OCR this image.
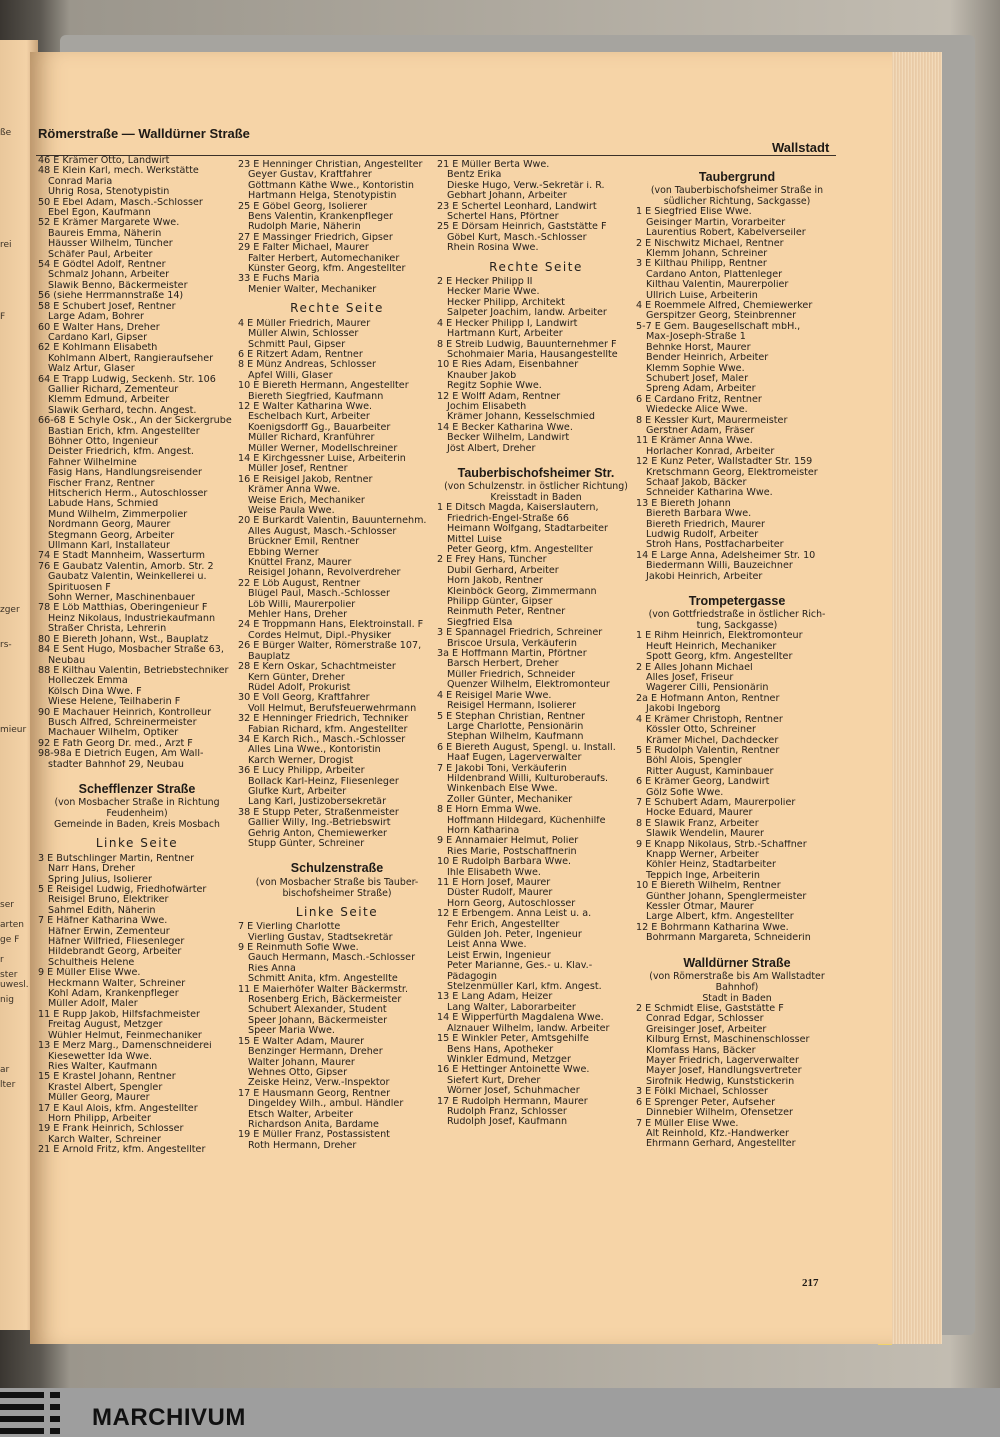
ße
rei
F
zger
rs-
mieur
ser
arten
ge F
r
ster
uwesl.
nig
ar
lter
Römerstraße — Walldürner Straße
Wallstadt
46 E Krämer Otto, Landwirt
48 E Klein Karl, mech. Werkstätte
Conrad Maria
Uhrig Rosa, Stenotypistin
50 E Ebel Adam, Masch.-Schlosser
Ebel Egon, Kaufmann
52 E Krämer Margarete Wwe.
Baureis Emma, Näherin
Häusser Wilhelm, Tüncher
Schäfer Paul, Arbeiter
54 E Gödtel Adolf, Rentner
Schmalz Johann, Arbeiter
Slawik Benno, Bäckermeister
56 (siehe Herrmannstraße 14)
58 E Schubert Josef, Rentner
Large Adam, Bohrer
60 E Walter Hans, Dreher
Cardano Karl, Gipser
62 E Kohlmann Elisabeth
Kohlmann Albert, Rangieraufseher
Walz Artur, Glaser
64 E Trapp Ludwig, Seckenh. Str. 106
Gallier Richard, Zementeur
Klemm Edmund, Arbeiter
Slawik Gerhard, techn. Angest.
66-68 E Schyle Osk., An der Sickergrube
Bastian Erich, kfm. Angestellter
Böhner Otto, Ingenieur
Deister Friedrich, kfm. Angest.
Fahner Wilhelmine
Fasig Hans, Handlungsreisender
Fischer Franz, Rentner
Hitscherich Herm., Autoschlosser
Labude Hans, Schmied
Mund Wilhelm, Zimmerpolier
Nordmann Georg, Maurer
Stegmann Georg, Arbeiter
Ullmann Karl, Installateur
74 E Stadt Mannheim, Wasserturm
76 E Gaubatz Valentin, Amorb. Str. 2
Gaubatz Valentin, Weinkellerei u.
Spirituosen F
Sohn Werner, Maschinenbauer
78 E Löb Matthias, Oberingenieur F
Heinz Nikolaus, Industriekaufmann
Straßer Christa, Lehrerin
80 E Biereth Johann, Wst., Bauplatz
84 E Sent Hugo, Mosbacher Straße 63,
Neubau
88 E Kilthau Valentin, Betriebstechniker
Holleczek Emma
Kölsch Dina Wwe. F
Wiese Helene, Teilhaberin F
90 E Machauer Heinrich, Kontrolleur
Busch Alfred, Schreinermeister
Machauer Wilhelm, Optiker
92 E Fath Georg Dr. med., Arzt F
98-98a E Dietrich Eugen, Am Wall-
stadter Bahnhof 29, Neubau
Schefflenzer Straße
(von Mosbacher Straße in Richtung
Feudenheim)
Gemeinde in Baden, Kreis Mosbach
Linke Seite
3 E Butschlinger Martin, Rentner
Narr Hans, Dreher
Spring Julius, Isolierer
5 E Reisigel Ludwig, Friedhofwärter
Reisigel Bruno, Elektriker
Sahmel Edith, Näherin
7 E Häfner Katharina Wwe.
Häfner Erwin, Zementeur
Häfner Wilfried, Fliesenleger
Hildebrandt Georg, Arbeiter
Schultheis Helene
9 E Müller Elise Wwe.
Heckmann Walter, Schreiner
Kohl Adam, Krankenpfleger
Müller Adolf, Maler
11 E Rupp Jakob, Hilfsfachmeister
Freitag August, Metzger
Wühler Helmut, Feinmechaniker
13 E Merz Marg., Damenschneiderei
Kiesewetter Ida Wwe.
Ries Walter, Kaufmann
15 E Krastel Johann, Rentner
Krastel Albert, Spengler
Müller Georg, Maurer
17 E Kaul Alois, kfm. Angestellter
Horn Philipp, Arbeiter
19 E Frank Heinrich, Schlosser
Karch Walter, Schreiner
21 E Arnold Fritz, kfm. Angestellter
23 E Henninger Christian, Angestellter
Geyer Gustav, Kraftfahrer
Göttmann Käthe Wwe., Kontoristin
Hartmann Helga, Stenotypistin
25 E Göbel Georg, Isolierer
Bens Valentin, Krankenpfleger
Rudolph Marie, Näherin
27 E Massinger Friedrich, Gipser
29 E Falter Michael, Maurer
Falter Herbert, Automechaniker
Künster Georg, kfm. Angestellter
33 E Fuchs Maria
Menier Walter, Mechaniker
Rechte Seite
4 E Müller Friedrich, Maurer
Müller Alwin, Schlosser
Schmitt Paul, Gipser
6 E Ritzert Adam, Rentner
8 E Münz Andreas, Schlosser
Apfel Willi, Glaser
10 E Biereth Hermann, Angestellter
Biereth Siegfried, Kaufmann
12 E Walter Katharina Wwe.
Eschelbach Kurt, Arbeiter
Koenigsdorff Gg., Bauarbeiter
Müller Richard, Kranführer
Müller Werner, Modellschreiner
14 E Kirchgessner Luise, Arbeiterin
Müller Josef, Rentner
16 E Reisigel Jakob, Rentner
Krämer Anna Wwe.
Weise Erich, Mechaniker
Weise Paula Wwe.
20 E Burkardt Valentin, Bauunternehm.
Alles August, Masch.-Schlosser
Brückner Emil, Rentner
Ebbing Werner
Knüttel Franz, Maurer
Reisigel Johann, Revolverdreher
22 E Löb August, Rentner
Blügel Paul, Masch.-Schlosser
Löb Willi, Maurerpolier
Mehler Hans, Dreher
24 E Troppmann Hans, Elektroinstall. F
Cordes Helmut, Dipl.-Physiker
26 E Bürger Walter, Römerstraße 107,
Bauplatz
28 E Kern Oskar, Schachtmeister
Kern Günter, Dreher
Rüdel Adolf, Prokurist
30 E Voll Georg, Kraftfahrer
Voll Helmut, Berufsfeuerwehrmann
32 E Henninger Friedrich, Techniker
Fabian Richard, kfm. Angestellter
34 E Karch Rich., Masch.-Schlosser
Alles Lina Wwe., Kontoristin
Karch Werner, Drogist
36 E Lucy Philipp, Arbeiter
Bollack Karl-Heinz, Fliesenleger
Glufke Kurt, Arbeiter
Lang Karl, Justizobersekretär
38 E Stupp Peter, Straßenmeister
Gallier Willy, Ing.-Betriebswirt
Gehrig Anton, Chemiewerker
Stupp Günter, Schreiner
Schulzenstraße
(von Mosbacher Straße bis Tauber-
bischofsheimer Straße)
Linke Seite
7 E Vierling Charlotte
Vierling Gustav, Stadtsekretär
9 E Reinmuth Sofie Wwe.
Gauch Hermann, Masch.-Schlosser
Ries Anna
Schmitt Anita, kfm. Angestellte
11 E Maierhöfer Walter Bäckermstr.
Rosenberg Erich, Bäckermeister
Schubert Alexander, Student
Speer Johann, Bäckermeister
Speer Maria Wwe.
15 E Walter Adam, Maurer
Benzinger Hermann, Dreher
Walter Johann, Maurer
Wehnes Otto, Gipser
Zeiske Heinz, Verw.-Inspektor
17 E Hausmann Georg, Rentner
Dingeldey Wilh., ambul. Händler
Etsch Walter, Arbeiter
Richardson Anita, Bardame
19 E Müller Franz, Postassistent
Roth Hermann, Dreher
21 E Müller Berta Wwe.
Bentz Erika
Dieske Hugo, Verw.-Sekretär i. R.
Gebhart Johann, Arbeiter
23 E Schertel Leonhard, Landwirt
Schertel Hans, Pförtner
25 E Dörsam Heinrich, Gaststätte F
Göbel Kurt, Masch.-Schlosser
Rhein Rosina Wwe.
Rechte Seite
2 E Hecker Philipp II
Hecker Marie Wwe.
Hecker Philipp, Architekt
Salpeter Joachim, landw. Arbeiter
4 E Hecker Philipp I, Landwirt
Hartmann Kurt, Arbeiter
8 E Streib Ludwig, Bauunternehmer F
Schohmaier Maria, Hausangestellte
10 E Ries Adam, Eisenbahner
Knauber Jakob
Regitz Sophie Wwe.
12 E Wolff Adam, Rentner
Jochim Elisabeth
Krämer Johann, Kesselschmied
14 E Becker Katharina Wwe.
Becker Wilhelm, Landwirt
Jöst Albert, Dreher
Tauberbischofsheimer Str.
(von Schulzenstr. in östlicher Richtung)
Kreisstadt in Baden
1 E Ditsch Magda, Kaiserslautern,
Friedrich-Engel-Straße 66
Heimann Wolfgang, Stadtarbeiter
Mittel Luise
Peter Georg, kfm. Angestellter
2 E Frey Hans, Tüncher
Dubil Gerhard, Arbeiter
Horn Jakob, Rentner
Kleinböck Georg, Zimmermann
Philipp Günter, Gipser
Reinmuth Peter, Rentner
Siegfried Elsa
3 E Spannagel Friedrich, Schreiner
Briscoe Ursula, Verkäuferin
3a E Hoffmann Martin, Pförtner
Barsch Herbert, Dreher
Müller Friedrich, Schneider
Quenzer Wilhelm, Elektromonteur
4 E Reisigel Marie Wwe.
Reisigel Hermann, Isolierer
5 E Stephan Christian, Rentner
Large Charlotte, Pensionärin
Stephan Wilhelm, Kaufmann
6 E Biereth August, Spengl. u. Install.
Haaf Eugen, Lagerverwalter
7 E Jakobi Toni, Verkäuferin
Hildenbrand Willi, Kulturoberaufs.
Winkenbach Else Wwe.
Zoller Günter, Mechaniker
8 E Horn Emma Wwe.
Hoffmann Hildegard, Küchenhilfe
Horn Katharina
9 E Annamaier Helmut, Polier
Ries Marie, Postschaffnerin
10 E Rudolph Barbara Wwe.
Ihle Elisabeth Wwe.
11 E Horn Josef, Maurer
Düster Rudolf, Maurer
Horn Georg, Autoschlosser
12 E Erbengem. Anna Leist u. a.
Fehr Erich, Angestellter
Gülden Joh. Peter, Ingenieur
Leist Anna Wwe.
Leist Erwin, Ingenieur
Peter Marianne, Ges.- u. Klav.-
Pädagogin
Stelzenmüller Karl, kfm. Angest.
13 E Lang Adam, Heizer
Lang Walter, Laborarbeiter
14 E Wipperfürth Magdalena Wwe.
Alznauer Wilhelm, landw. Arbeiter
15 E Winkler Peter, Amtsgehilfe
Bens Hans, Apotheker
Winkler Edmund, Metzger
16 E Hettinger Antoinette Wwe.
Siefert Kurt, Dreher
Wörner Josef, Schuhmacher
17 E Rudolph Hermann, Maurer
Rudolph Franz, Schlosser
Rudolph Josef, Kaufmann
Taubergrund
(von Tauberbischofsheimer Straße in
südlicher Richtung, Sackgasse)
1 E Siegfried Elise Wwe.
Geisinger Martin, Vorarbeiter
Laurentius Robert, Kabelverseiler
2 E Nischwitz Michael, Rentner
Klemm Johann, Schreiner
3 E Kilthau Philipp, Rentner
Cardano Anton, Plattenleger
Kilthau Valentin, Maurerpolier
Ullrich Luise, Arbeiterin
4 E Roemmele Alfred, Chemiewerker
Gerspitzer Georg, Steinbrenner
5-7 E Gem. Baugesellschaft mbH.,
Max-Joseph-Straße 1
Behnke Horst, Maurer
Bender Heinrich, Arbeiter
Klemm Sophie Wwe.
Schubert Josef, Maler
Spreng Adam, Arbeiter
6 E Cardano Fritz, Rentner
Wiedecke Alice Wwe.
8 E Kessler Kurt, Maurermeister
Gerstner Adam, Fräser
11 E Krämer Anna Wwe.
Horlacher Konrad, Arbeiter
12 E Kunz Peter, Wallstadter Str. 159
Kretschmann Georg, Elektromeister
Schaaf Jakob, Bäcker
Schneider Katharina Wwe.
13 E Biereth Johann
Biereth Barbara Wwe.
Biereth Friedrich, Maurer
Ludwig Rudolf, Arbeiter
Stroh Hans, Postfacharbeiter
14 E Large Anna, Adelsheimer Str. 10
Biedermann Willi, Bauzeichner
Jakobi Heinrich, Arbeiter
Trompetergasse
(von Gottfriedstraße in östlicher Rich-
tung, Sackgasse)
1 E Rihm Heinrich, Elektromonteur
Heuft Heinrich, Mechaniker
Spott Georg, kfm. Angestellter
2 E Alles Johann Michael
Alles Josef, Friseur
Wagerer Cilli, Pensionärin
2a E Hofmann Anton, Rentner
Jakobi Ingeborg
4 E Krämer Christoph, Rentner
Kössler Otto, Schreiner
Krämer Michel, Dachdecker
5 E Rudolph Valentin, Rentner
Böhl Alois, Spengler
Ritter August, Kaminbauer
6 E Krämer Georg, Landwirt
Gölz Sofie Wwe.
7 E Schubert Adam, Maurerpolier
Hocke Eduard, Maurer
8 E Slawik Franz, Arbeiter
Slawik Wendelin, Maurer
9 E Knapp Nikolaus, Strb.-Schaffner
Knapp Werner, Arbeiter
Köhler Heinz, Stadtarbeiter
Teppich Inge, Arbeiterin
10 E Biereth Wilhelm, Rentner
Günther Johann, Spenglermeister
Kessler Otmar, Maurer
Large Albert, kfm. Angestellter
12 E Bohrmann Katharina Wwe.
Bohrmann Margareta, Schneiderin
Walldürner Straße
(von Römerstraße bis Am Wallstadter
Bahnhof)
Stadt in Baden
2 E Schmidt Elise, Gaststätte F
Conrad Edgar, Schlosser
Greisinger Josef, Arbeiter
Kilburg Ernst, Maschinenschlosser
Klomfass Hans, Bäcker
Mayer Friedrich, Lagerverwalter
Mayer Josef, Handlungsvertreter
Sirofnik Hedwig, Kunststickerin
3 E Fölkl Michael, Schlosser
6 E Sprenger Peter, Aufseher
Dinnebier Wilhelm, Ofensetzer
7 E Müller Elise Wwe.
Alt Reinhold, Kfz.-Handwerker
Ehrmann Gerhard, Angestellter
217
MARCHIVUM
